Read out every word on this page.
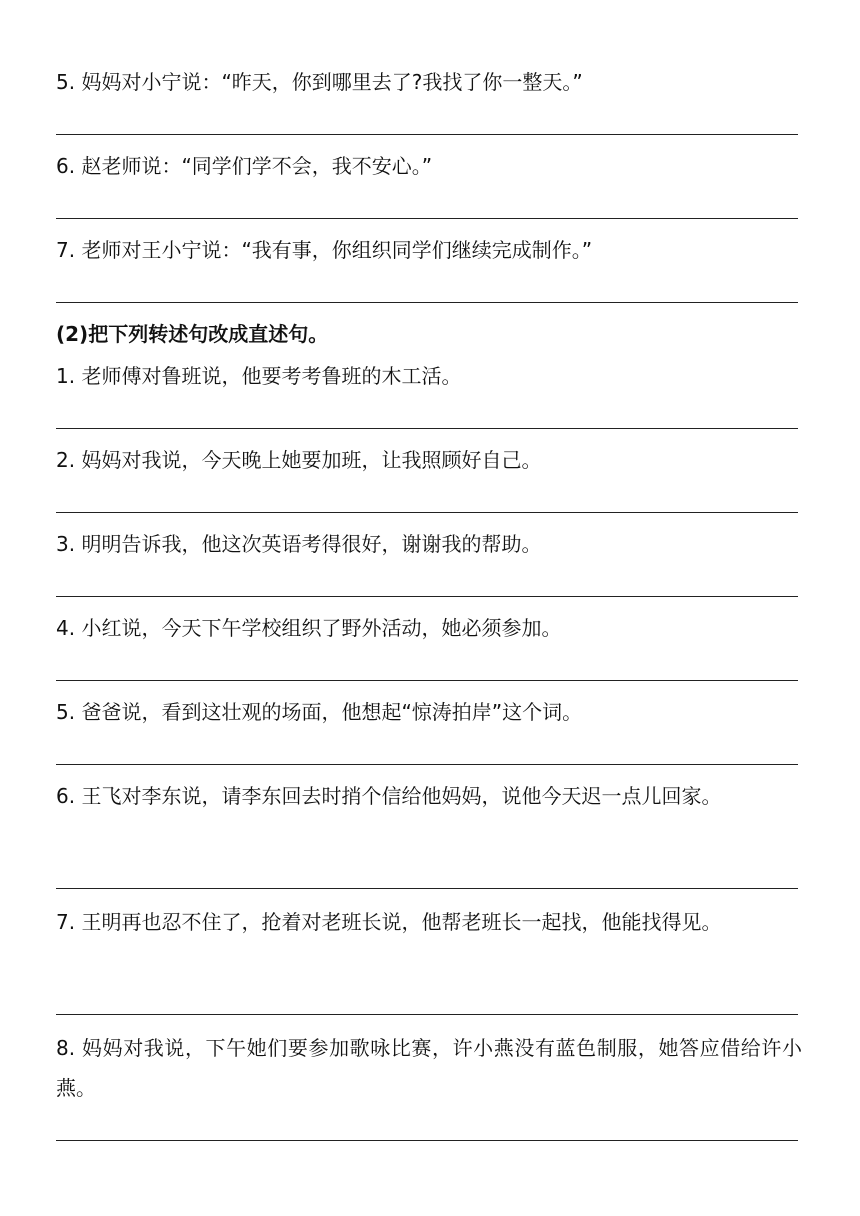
5. 妈妈对小宁说：“昨天，你到哪里去了?我找了你一整天。”
6. 赵老师说：“同学们学不会，我不安心。”
7. 老师对王小宁说：“我有事，你组织同学们继续完成制作。”
(2)把下列转述句改成直述句。
1. 老师傅对鲁班说，他要考考鲁班的木工活。
2. 妈妈对我说，今天晚上她要加班，让我照顾好自己。
3. 明明告诉我，他这次英语考得很好，谢谢我的帮助。
4. 小红说，今天下午学校组织了野外活动，她必须参加。
5. 爸爸说，看到这壮观的场面，他想起“惊涛拍岸”这个词。
6. 王飞对李东说，请李东回去时捎个信给他妈妈，说他今天迟一点儿回家。
7. 王明再也忍不住了，抢着对老班长说，他帮老班长一起找，他能找得见。
8. 妈妈对我说，下午她们要参加歌咏比赛，许小燕没有蓝色制服，她答应借给许小燕。
